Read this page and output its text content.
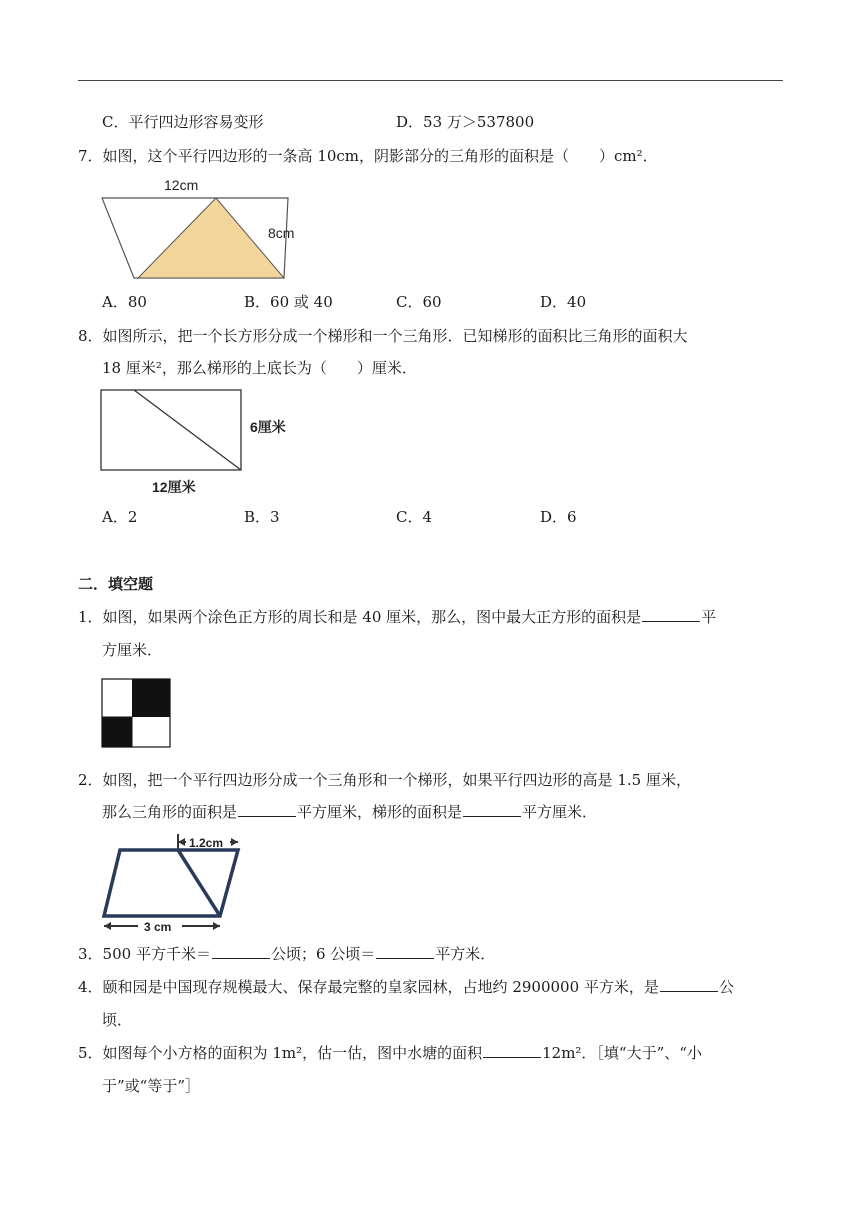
C．平行四边形容易变形	D．53 万＞537800
7．如图，这个平行四边形的一条高 10cm，阴影部分的三角形的面积是（　　）cm²．
12cm
8cm
A．80	B．60 或 40	C．60	D．40
8．如图所示，把一个长方形分成一个梯形和一个三角形．已知梯形的面积比三角形的面积大
18 厘米²，那么梯形的上底长为（　　）厘米．
6厘米
12厘米
A．2	B．3	C．4	D．6
二．填空题
1．如图，如果两个涂色正方形的周长和是 40 厘米，那么，图中最大正方形的面积是	平
方厘米．
2．如图，把一个平行四边形分成一个三角形和一个梯形，如果平行四边形的高是 1.5 厘米，
那么三角形的面积是	平方厘米，梯形的面积是	平方厘米．
1.2cm
3 cm
3．500 平方千米＝	公顷；6 公顷＝	平方米．
4．颐和园是中国现存规模最大、保存最完整的皇家园林，占地约 2900000 平方米，是	公
顷．
5．如图每个小方格的面积为 1m²，估一估，图中水塘的面积	12m²．［填“大于”、“小
于”或“等于”］
